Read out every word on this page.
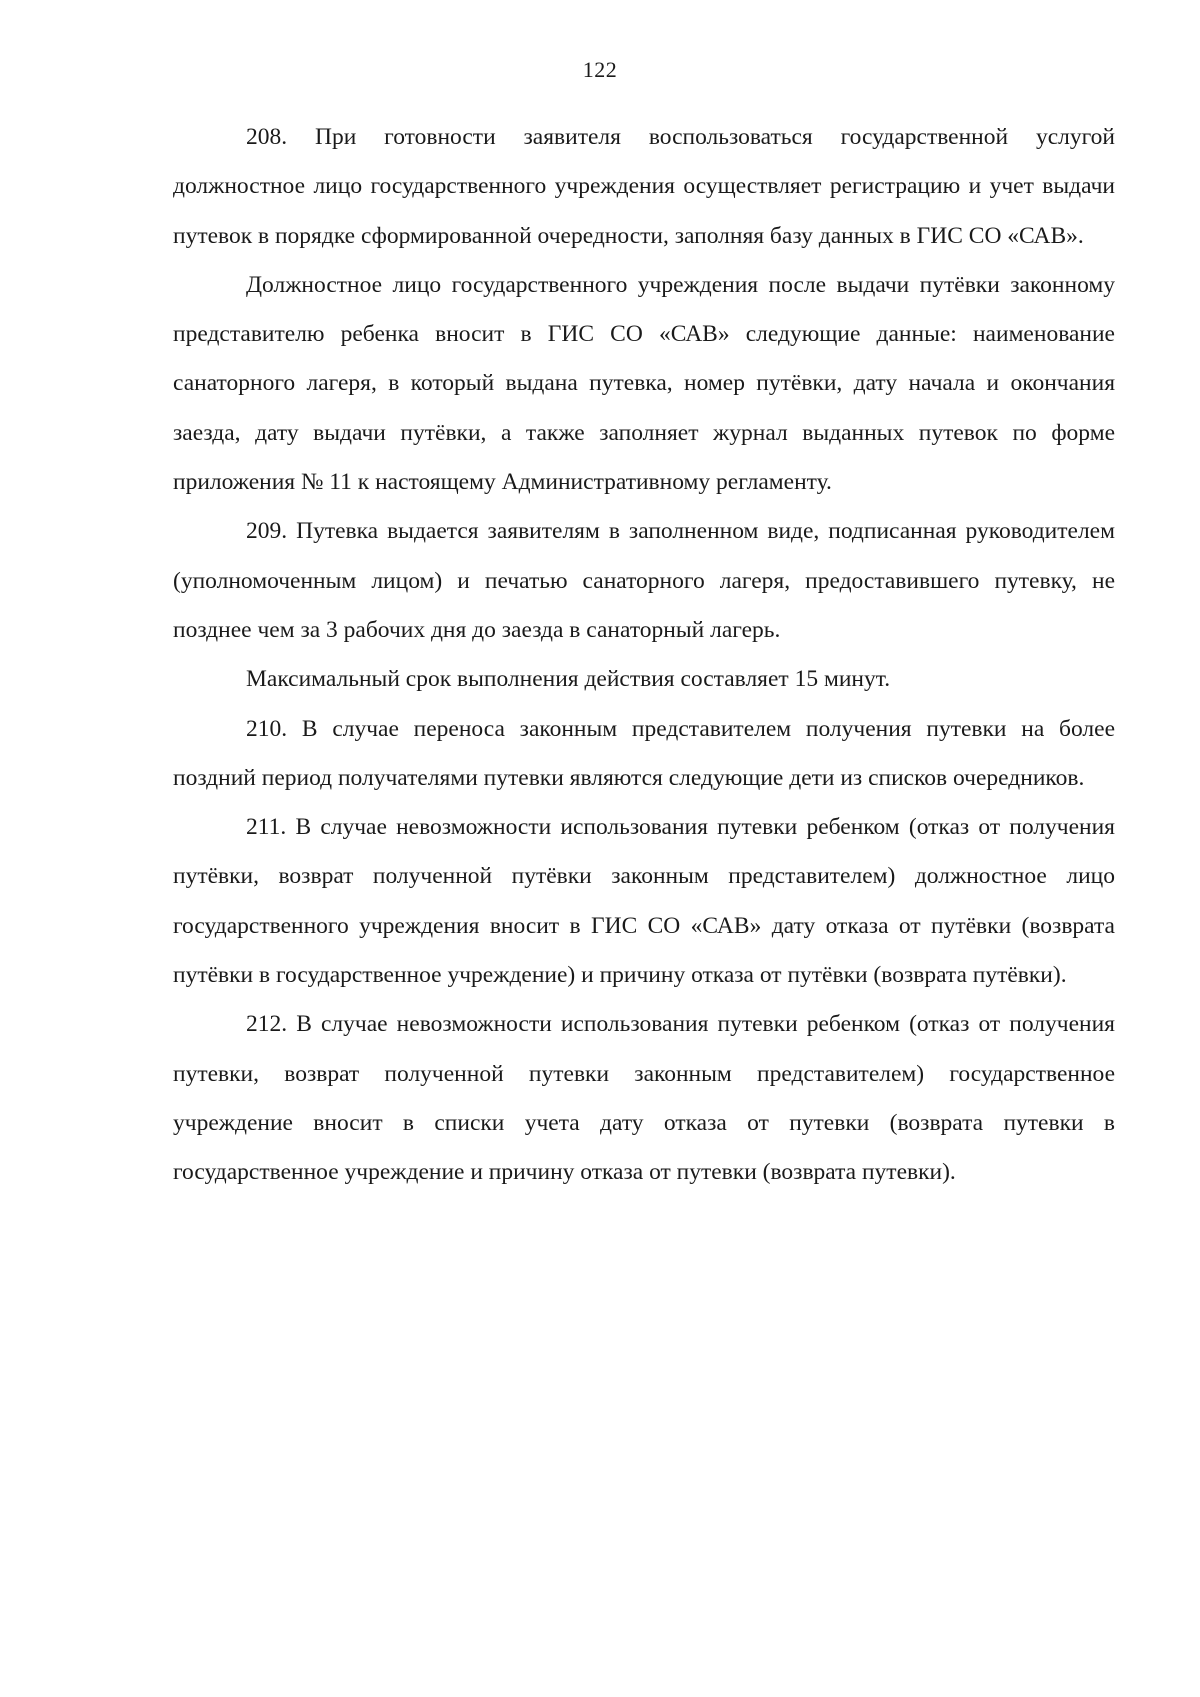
122

208. При готовности заявителя воспользоваться государственной услугой должностное лицо государственного учреждения осуществляет регистрацию и учет выдачи путевок в порядке сформированной очередности, заполняя базу данных в ГИС СО «САВ».

Должностное лицо государственного учреждения после выдачи путёвки законному представителю ребенка вносит в ГИС СО «САВ» следующие данные: наименование санаторного лагеря, в который выдана путевка, номер путёвки, дату начала и окончания заезда, дату выдачи путёвки, а также заполняет журнал выданных путевок по форме приложения № 11 к настоящему Административному регламенту.

209. Путевка выдается заявителям в заполненном виде, подписанная руководителем (уполномоченным лицом) и печатью санаторного лагеря, предоставившего путевку, не позднее чем за 3 рабочих дня до заезда в санаторный лагерь.

Максимальный срок выполнения действия составляет 15 минут.

210. В случае переноса законным представителем получения путевки на более поздний период получателями путевки являются следующие дети из списков очередников.

211. В случае невозможности использования путевки ребенком (отказ от получения путёвки, возврат полученной путёвки законным представителем) должностное лицо государственного учреждения вносит в ГИС СО «САВ» дату отказа от путёвки (возврата путёвки в государственное учреждение) и причину отказа от путёвки (возврата путёвки).

212. В случае невозможности использования путевки ребенком (отказ от получения путевки, возврат полученной путевки законным представителем) государственное учреждение вносит в списки учета дату отказа от путевки (возврата путевки в государственное учреждение и причину отказа от путевки (возврата путевки).
